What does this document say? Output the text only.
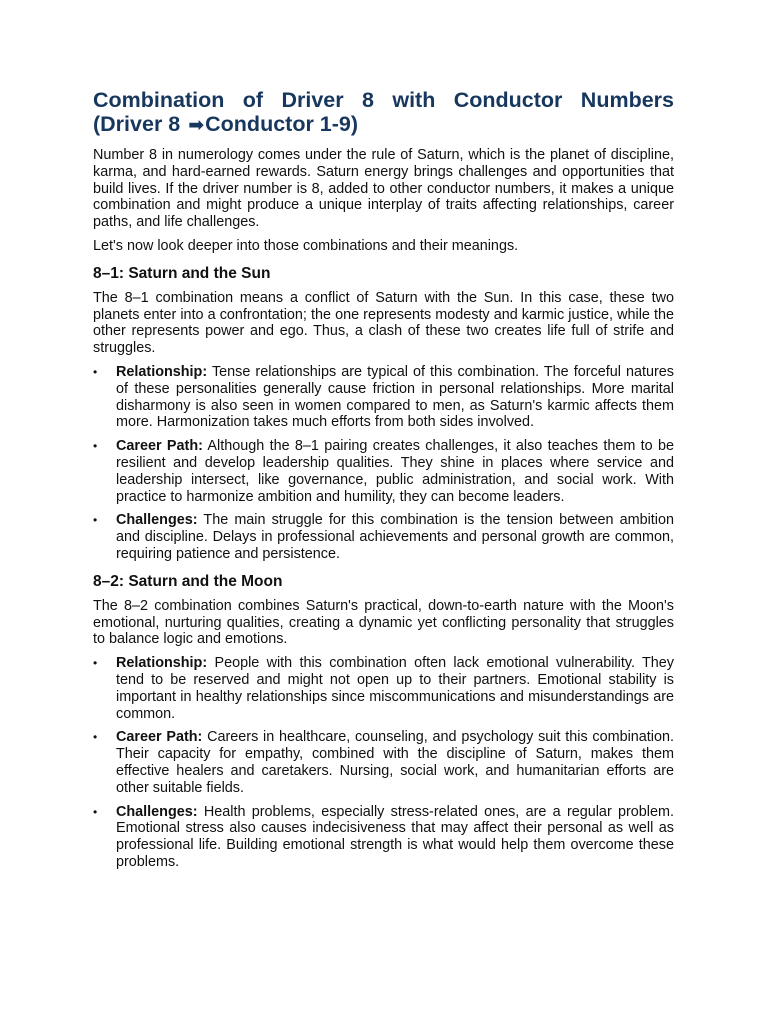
Combination of Driver 8 with Conductor Numbers
(Driver 8 ➡Conductor 1-9)

Number 8 in numerology comes under the rule of Saturn, which is the planet of discipline, karma, and hard-earned rewards. Saturn energy brings challenges and opportunities that build lives. If the driver number is 8, added to other conductor numbers, it makes a unique combination and might produce a unique interplay of traits affecting relationships, career paths, and life challenges.

Let's now look deeper into those combinations and their meanings.

8–1: Saturn and the Sun

The 8–1 combination means a conflict of Saturn with the Sun. In this case, these two planets enter into a confrontation; the one represents modesty and karmic justice, while the other represents power and ego. Thus, a clash of these two creates life full of strife and struggles.

• Relationship: Tense relationships are typical of this combination. The forceful natures of these personalities generally cause friction in personal relationships. More marital disharmony is also seen in women compared to men, as Saturn's karmic affects them more. Harmonization takes much efforts from both sides involved.
• Career Path: Although the 8–1 pairing creates challenges, it also teaches them to be resilient and develop leadership qualities. They shine in places where service and leadership intersect, like governance, public administration, and social work. With practice to harmonize ambition and humility, they can become leaders.
• Challenges: The main struggle for this combination is the tension between ambition and discipline. Delays in professional achievements and personal growth are common, requiring patience and persistence.
8–2: Saturn and the Moon

The 8–2 combination combines Saturn's practical, down-to-earth nature with the Moon's emotional, nurturing qualities, creating a dynamic yet conflicting personality that struggles to balance logic and emotions.

• Relationship: People with this combination often lack emotional vulnerability. They tend to be reserved and might not open up to their partners. Emotional stability is important in healthy relationships since miscommunications and misunderstandings are common.
• Career Path: Careers in healthcare, counseling, and psychology suit this combination. Their capacity for empathy, combined with the discipline of Saturn, makes them effective healers and caretakers. Nursing, social work, and humanitarian efforts are other suitable fields.
• Challenges: Health problems, especially stress-related ones, are a regular problem. Emotional stress also causes indecisiveness that may affect their personal as well as professional life. Building emotional strength is what would help them overcome these problems.
